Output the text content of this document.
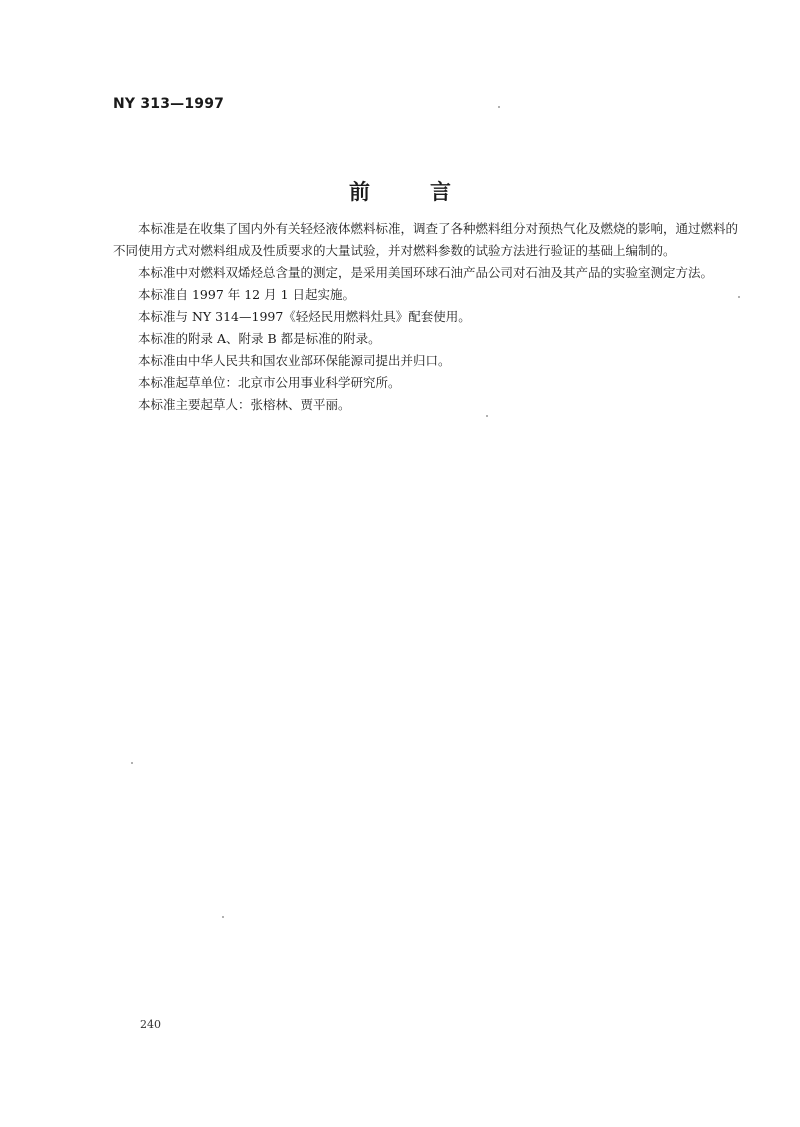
NY 313—1997
前言

本标准是在收集了国内外有关轻烃液体燃料标准，调查了各种燃料组分对预热气化及燃烧的影响，通过燃料的不同使用方式对燃料组成及性质要求的大量试验，并对燃料参数的试验方法进行验证的基础上编制的。

本标准中对燃料双烯烃总含量的测定，是采用美国环球石油产品公司对石油及其产品的实验室测定方法。

本标准自 1997 年 12 月 1 日起实施。

本标准与 NY 314—1997《轻烃民用燃料灶具》配套使用。

本标准的附录 A、附录 B 都是标准的附录。

本标准由中华人民共和国农业部环保能源司提出并归口。

本标准起草单位：北京市公用事业科学研究所。

本标准主要起草人：张榕林、贾平丽。

240
